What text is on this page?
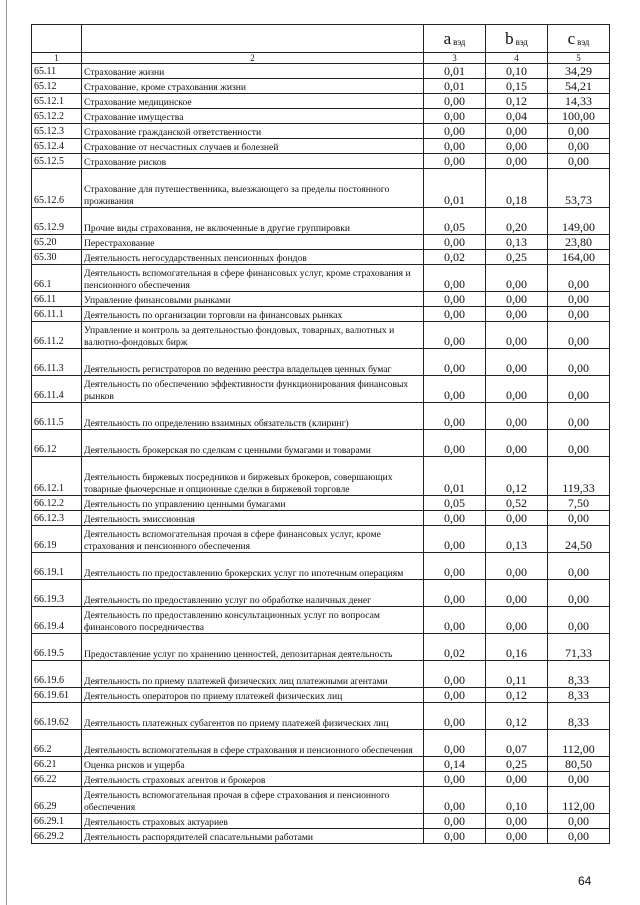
		a $_{вэд}$	b $_{вэд}$	c $_{вэд}$
1	2	3	4	5
65.11	Страхование жизни	0,01	0,10	34,29
65.12	Страхование, кроме страхования жизни	0,01	0,15	54,21
65.12.1	Страхование медицинское	0,00	0,12	14,33
65.12.2	Страхование имущества	0,00	0,04	100,00
65.12.3	Страхование гражданской ответственности	0,00	0,00	0,00
65.12.4	Страхование от несчастных случаев и болезней	0,00	0,00	0,00
65.12.5	Страхование рисков	0,00	0,00	0,00
65.12.6	Страхование для путешественника, выезжающего за пределы постоянного проживания	0,01	0,18	53,73
65.12.9	Прочие виды страхования, не включенные в другие группировки	0,05	0,20	149,00
65.20	Перестрахование	0,00	0,13	23,80
65.30	Деятельность негосударственных пенсионных фондов	0,02	0,25	164,00
66.1	Деятельность вспомогательная в сфере финансовых услуг, кроме страхования и пенсионного обеспечения	0,00	0,00	0,00
66.11	Управление финансовыми рынками	0,00	0,00	0,00
66.11.1	Деятельность по организации торговли на финансовых рынках	0,00	0,00	0,00
66.11.2	Управление и контроль за деятельностью фондовых, товарных, валютных и валютно-фондовых бирж	0,00	0,00	0,00
66.11.3	Деятельность регистраторов по ведению реестра владельцев ценных бумаг	0,00	0,00	0,00
66.11.4	Деятельность по обеспечению эффективности функционирования финансовых рынков	0,00	0,00	0,00
66.11.5	Деятельность по определению взаимных обязательств (клиринг)	0,00	0,00	0,00
66.12	Деятельность брокерская по сделкам с ценными бумагами и товарами	0,00	0,00	0,00
66.12.1	Деятельность биржевых посредников и биржевых брокеров, совершающих товарные фьючерсные и опционные сделки в биржевой торговле	0,01	0,12	119,33
66.12.2	Деятельность по управлению ценными бумагами	0,05	0,52	7,50
66.12.3	Деятельность эмиссионная	0,00	0,00	0,00
66.19	Деятельность вспомогательная прочая в сфере финансовых услуг, кроме страхования и пенсионного обеспечения	0,00	0,13	24,50
66.19.1	Деятельность по предоставлению брокерских услуг по ипотечным операциям	0,00	0,00	0,00
66.19.3	Деятельность по предоставлению услуг по обработке наличных денег	0,00	0,00	0,00
66.19.4	Деятельность по предоставлению консультационных услуг по вопросам финансового посредничества	0,00	0,00	0,00
66.19.5	Предоставление услуг по хранению ценностей, депозитарная деятельность	0,02	0,16	71,33
66.19.6	Деятельность по приему платежей физических лиц платежными агентами	0,00	0,11	8,33
66.19.61	Деятельность операторов по приему платежей физических лиц	0,00	0,12	8,33
66.19.62	Деятельность платежных субагентов по приему платежей физических лиц	0,00	0,12	8,33
66.2	Деятельность вспомогательная в сфере страхования и пенсионного обеспечения	0,00	0,07	112,00
66.21	Оценка рисков и ущерба	0,14	0,25	80,50
66.22	Деятельность страховых агентов и брокеров	0,00	0,00	0,00
66.29	Деятельность вспомогательная прочая в сфере страхования и пенсионного обеспечения	0,00	0,10	112,00
66.29.1	Деятельность страховых актуариев	0,00	0,00	0,00
66.29.2	Деятельность распорядителей спасательными работами	0,00	0,00	0,00
64
